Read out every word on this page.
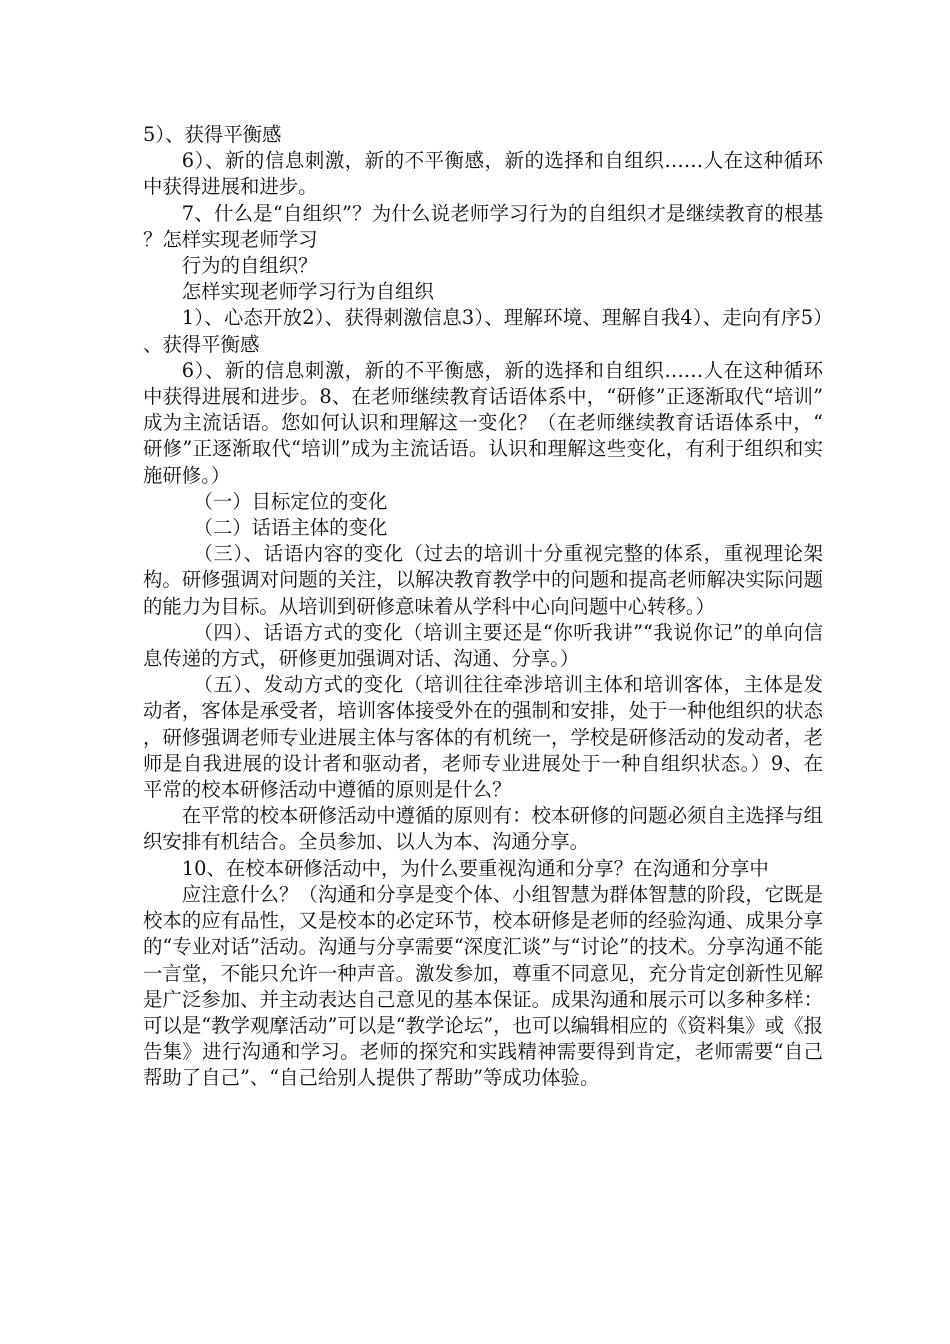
5）、获得平衡感

6）、新的信息刺激，新的不平衡感，新的选择和自组织……人在这种循环中获得进展和进步。

7、什么是“自组织”？为什么说老师学习行为的自组织才是继续教育的根基？怎样实现老师学习

行为的自组织？

怎样实现老师学习行为自组织

1）、心态开放2）、获得刺激信息3）、理解环境、理解自我4）、走向有序5）、获得平衡感

6）、新的信息刺激，新的不平衡感，新的选择和自组织……人在这种循环中获得进展和进步。8、在老师继续教育话语体系中，“研修”正逐渐取代“培训”成为主流话语。您如何认识和理解这一变化？（在老师继续教育话语体系中，“研修”正逐渐取代“培训”成为主流话语。认识和理解这些变化，有利于组织和实施研修。）

（一）目标定位的变化

（二）话语主体的变化

（三）、话语内容的变化（过去的培训十分重视完整的体系，重视理论架构。研修强调对问题的关注，以解决教育教学中的问题和提高老师解决实际问题的能力为目标。从培训到研修意味着从学科中心向问题中心转移。）

（四）、话语方式的变化（培训主要还是“你听我讲”“我说你记”的单向信息传递的方式，研修更加强调对话、沟通、分享。）

（五）、发动方式的变化（培训往往牵涉培训主体和培训客体，主体是发动者，客体是承受者，培训客体接受外在的强制和安排，处于一种他组织的状态，研修强调老师专业进展主体与客体的有机统一，学校是研修活动的发动者，老师是自我进展的设计者和驱动者，老师专业进展处于一种自组织状态。）9、在平常的校本研修活动中遵循的原则是什么？

在平常的校本研修活动中遵循的原则有：校本研修的问题必须自主选择与组织安排有机结合。全员参加、以人为本、沟通分享。

10、在校本研修活动中，为什么要重视沟通和分享？在沟通和分享中

应注意什么？（沟通和分享是变个体、小组智慧为群体智慧的阶段，它既是校本的应有品性，又是校本的必定环节，校本研修是老师的经验沟通、成果分享的“专业对话”活动。沟通与分享需要“深度汇谈”与“讨论”的技术。分享沟通不能一言堂，不能只允许一种声音。激发参加，尊重不同意见，充分肯定创新性见解是广泛参加、并主动表达自己意见的基本保证。成果沟通和展示可以多种多样：可以是“教学观摩活动”可以是“教学论坛”，也可以编辑相应的《资料集》或《报告集》进行沟通和学习。老师的探究和实践精神需要得到肯定，老师需要“自己帮助了自己”、“自己给别人提供了帮助”等成功体验。
